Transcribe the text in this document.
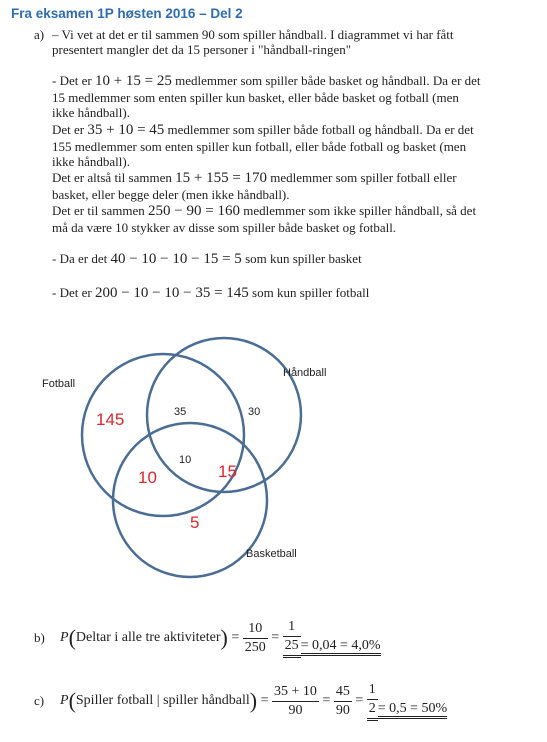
Fra eksamen 1P høsten 2016 – Del 2
a) – Vi vet at det er til sammen 90 som spiller håndball. I diagrammet vi har fått
presentert mangler det da 15 personer i "håndball-ringen"
- Det er 10 + 15 = 25 medlemmer som spiller både basket og håndball. Da er det
15 medlemmer som enten spiller kun basket, eller både basket og fotball (men
ikke håndball).
Det er 35 + 10 = 45 medlemmer som spiller både fotball og håndball. Da er det
155 medlemmer som enten spiller kun fotball, eller både fotball og basket (men
ikke håndball).
Det er altså til sammen 15 + 155 = 170 medlemmer som spiller fotball eller
basket, eller begge deler (men ikke håndball).
Det er til sammen 250 − 90 = 160 medlemmer som ikke spiller håndball, så det
må da være 10 stykker av disse som spiller både basket og fotball.
- Da er det 40 − 10 − 10 − 15 = 5 som kun spiller basket
- Det er 200 − 10 − 10 − 35 = 145 som kun spiller fotball
Fotball
Håndball
Basketball
145	35	30
10
10	15
5
b)	P ( Deltar i alle tre aktiviteter ) = $\frac{10}{250} = \frac{1}{25} = 0,04 = 4,0\%$
c)	P ( Spiller fotball | spiller håndball ) = $\frac{35 + 10}{90} = \frac{45}{90} = \frac{1}{2} = 0,5 = 50\%$
